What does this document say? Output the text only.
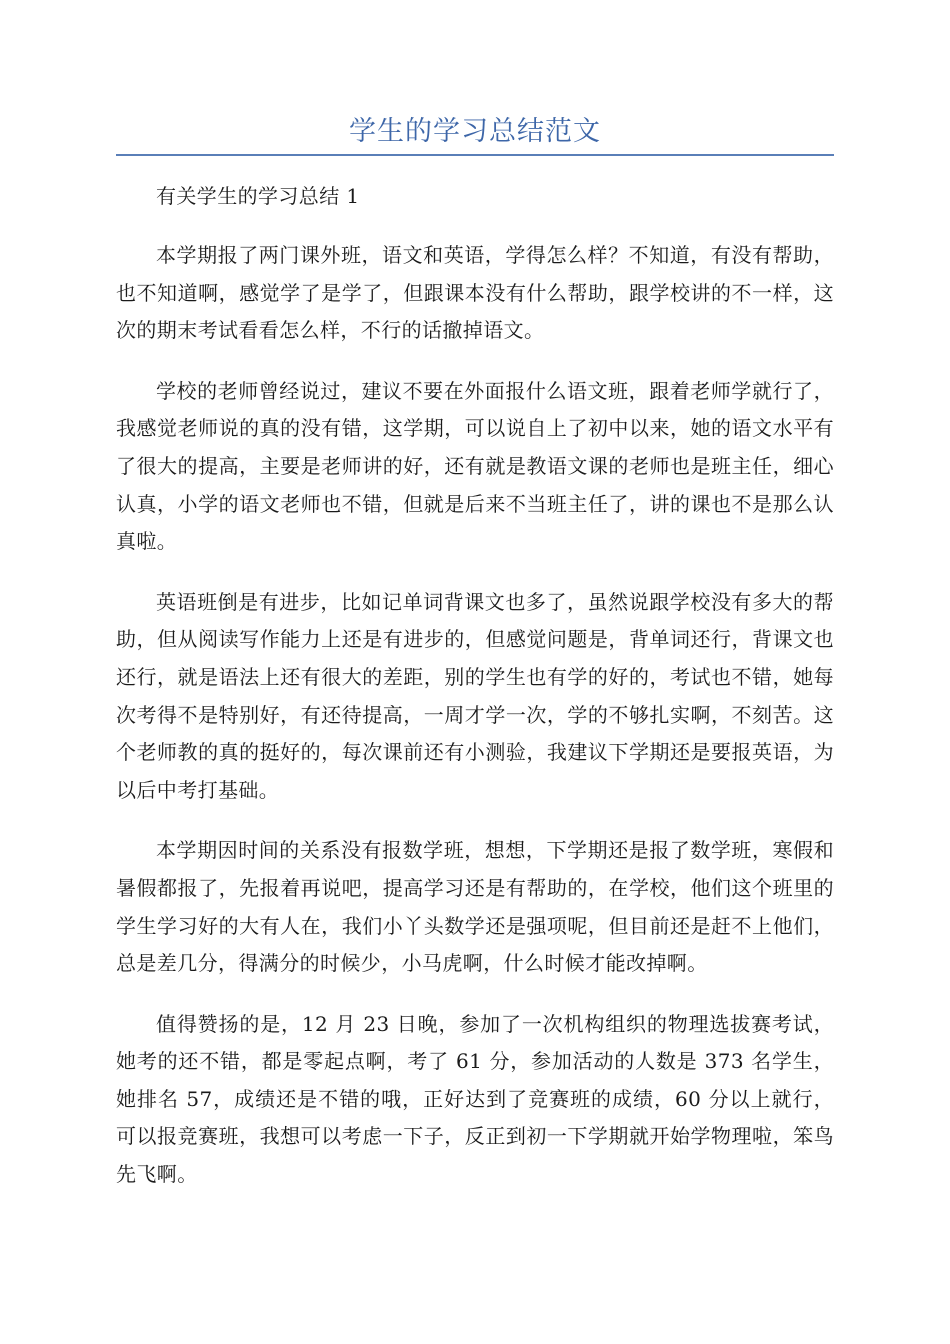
学生的学习总结范文

有关学生的学习总结 1

本学期报了两门课外班，语文和英语，学得怎么样？不知道，有没有帮助，也不知道啊，感觉学了是学了，但跟课本没有什么帮助，跟学校讲的不一样，这次的期末考试看看怎么样，不行的话撤掉语文。

学校的老师曾经说过，建议不要在外面报什么语文班，跟着老师学就行了，我感觉老师说的真的没有错，这学期，可以说自上了初中以来，她的语文水平有了很大的提高，主要是老师讲的好，还有就是教语文课的老师也是班主任，细心认真，小学的语文老师也不错，但就是后来不当班主任了，讲的课也不是那么认真啦。

英语班倒是有进步，比如记单词背课文也多了，虽然说跟学校没有多大的帮助，但从阅读写作能力上还是有进步的，但感觉问题是，背单词还行，背课文也还行，就是语法上还有很大的差距，别的学生也有学的好的，考试也不错，她每次考得不是特别好，有还待提高，一周才学一次，学的不够扎实啊，不刻苦。这个老师教的真的挺好的，每次课前还有小测验，我建议下学期还是要报英语，为以后中考打基础。

本学期因时间的关系没有报数学班，想想，下学期还是报了数学班，寒假和暑假都报了，先报着再说吧，提高学习还是有帮助的，在学校，他们这个班里的学生学习好的大有人在，我们小丫头数学还是强项呢，但目前还是赶不上他们，总是差几分，得满分的时候少，小马虎啊，什么时候才能改掉啊。

值得赞扬的是，12 月 23 日晚，参加了一次机构组织的物理选拔赛考试，她考的还不错，都是零起点啊，考了 61 分，参加活动的人数是 373 名学生，她排名 57，成绩还是不错的哦，正好达到了竞赛班的成绩，60 分以上就行，可以报竞赛班，我想可以考虑一下子，反正到初一下学期就开始学物理啦，笨鸟先飞啊。
